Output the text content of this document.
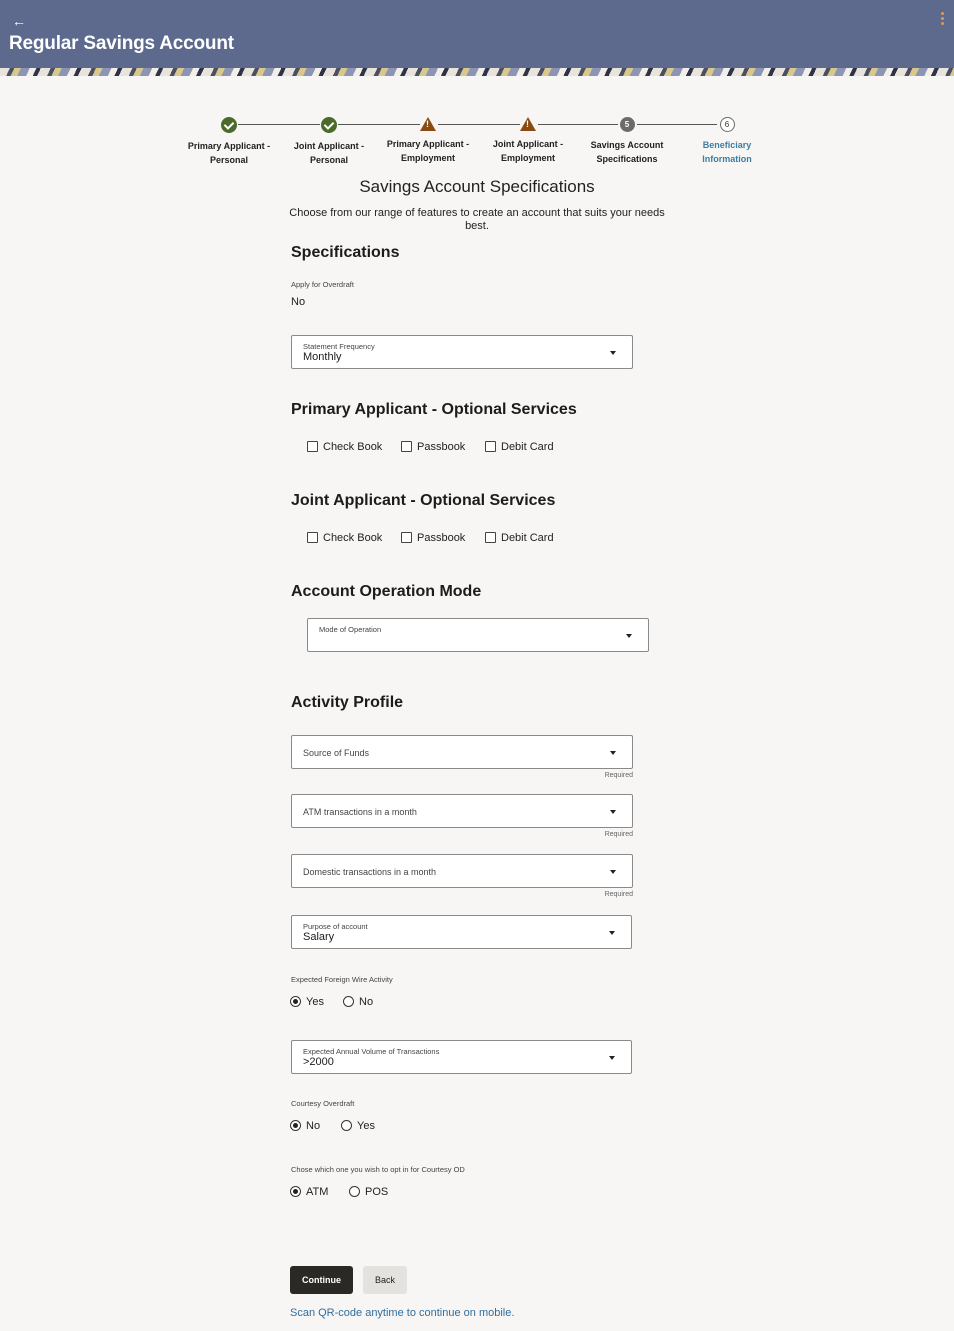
←
Regular Savings Account
Primary Applicant -
Personal
Joint Applicant -
Personal
!
Primary Applicant -
Employment
!
Joint Applicant -
Employment
5
Savings Account
Specifications
6
Beneficiary
Information
Savings Account Specifications
Choose from our range of features to create an account that suits your needs best.
Specifications
Apply for Overdraft
No
Statement Frequency
Monthly
Primary Applicant - Optional Services
Check Book	Passbook	Debit Card
Joint Applicant - Optional Services
Check Book	Passbook	Debit Card
Account Operation Mode
Mode of Operation
Activity Profile
Source of Funds
Required
ATM transactions in a month
Required
Domestic transactions in a month
Required
Purpose of account
Salary
Expected Foreign Wire Activity
Yes	No
Expected Annual Volume of Transactions
>2000
Courtesy Overdraft
No	Yes
Chose which one you wish to opt in for Courtesy OD
ATM	POS
Continue	Back
Scan QR-code anytime to continue on mobile.
